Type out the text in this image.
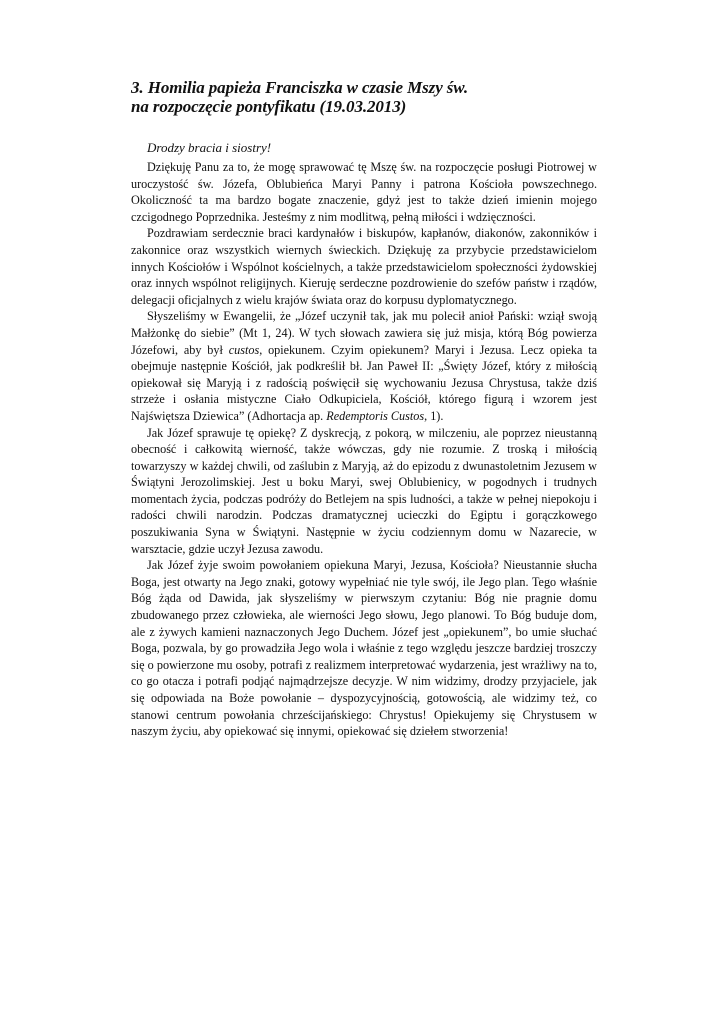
3. Homilia papieża Franciszka w czasie Mszy św.
na rozpoczęcie pontyfikatu (19.03.2013)

Drodzy bracia i siostry!

Dziękuję Panu za to, że mogę sprawować tę Mszę św. na rozpoczęcie posługi Piotrowej w uroczystość św. Józefa, Oblubieńca Maryi Panny i patrona Kościoła powszechnego. Okoliczność ta ma bardzo bogate znaczenie, gdyż jest to także dzień imienin mojego czcigodnego Poprzednika. Jesteśmy z nim modlitwą, pełną miłości i wdzięczności.

Pozdrawiam serdecznie braci kardynałów i biskupów, kapłanów, diakonów, zakonników i zakonnice oraz wszystkich wiernych świeckich. Dziękuję za przybycie przedstawicielom innych Kościołów i Wspólnot kościelnych, a także przedstawicielom społeczności żydowskiej oraz innych wspólnot religijnych. Kieruję serdeczne pozdrowienie do szefów państw i rządów, delegacji oficjalnych z wielu krajów świata oraz do korpusu dyplomatycznego.

Słyszeliśmy w Ewangelii, że „Józef uczynił tak, jak mu polecił anioł Pański: wziął swoją Małżonkę do siebie” (Mt 1, 24). W tych słowach zawiera się już misja, którą Bóg powierza Józefowi, aby był custos, opiekunem. Czyim opiekunem? Maryi i Jezusa. Lecz opieka ta obejmuje następnie Kościół, jak podkreślił bł. Jan Paweł II: „Święty Józef, który z miłością opiekował się Maryją i z radością poświęcił się wychowaniu Jezusa Chrystusa, także dziś strzeże i osłania mistyczne Ciało Odkupiciela, Kościół, którego figurą i wzorem jest Najświętsza Dziewica” (Adhortacja ap. Redemptoris Custos, 1).

Jak Józef sprawuje tę opiekę? Z dyskrecją, z pokorą, w milczeniu, ale poprzez nieustanną obecność i całkowitą wierność, także wówczas, gdy nie rozumie. Z troską i miłością towarzyszy w każdej chwili, od zaślubin z Maryją, aż do epizodu z dwunastoletnim Jezusem w Świątyni Jerozolimskiej. Jest u boku Maryi, swej Oblubienicy, w pogodnych i trudnych momentach życia, podczas podróży do Betlejem na spis ludności, a także w pełnej niepokoju i radości chwili narodzin. Podczas dramatycznej ucieczki do Egiptu i gorączkowego poszukiwania Syna w Świątyni. Następnie w życiu codziennym domu w Nazarecie, w warsztacie, gdzie uczył Jezusa zawodu.

Jak Józef żyje swoim powołaniem opiekuna Maryi, Jezusa, Kościoła? Nieustannie słucha Boga, jest otwarty na Jego znaki, gotowy wypełniać nie tyle swój, ile Jego plan. Tego właśnie Bóg żąda od Dawida, jak słyszeliśmy w pierwszym czytaniu: Bóg nie pragnie domu zbudowanego przez człowieka, ale wierności Jego słowu, Jego planowi. To Bóg buduje dom, ale z żywych kamieni naznaczonych Jego Duchem. Józef jest „opiekunem”, bo umie słuchać Boga, pozwala, by go prowadziła Jego wola i właśnie z tego względu jeszcze bardziej troszczy się o powierzone mu osoby, potrafi z realizmem interpretować wydarzenia, jest wrażliwy na to, co go otacza i potrafi podjąć najmądrzejsze decyzje. W nim widzimy, drodzy przyjaciele, jak się odpowiada na Boże powołanie – dyspozycyjnością, gotowością, ale widzimy też, co stanowi centrum powołania chrześcijańskiego: Chrystus! Opiekujemy się Chrystusem w naszym życiu, aby opiekować się innymi, opiekować się dziełem stworzenia!
